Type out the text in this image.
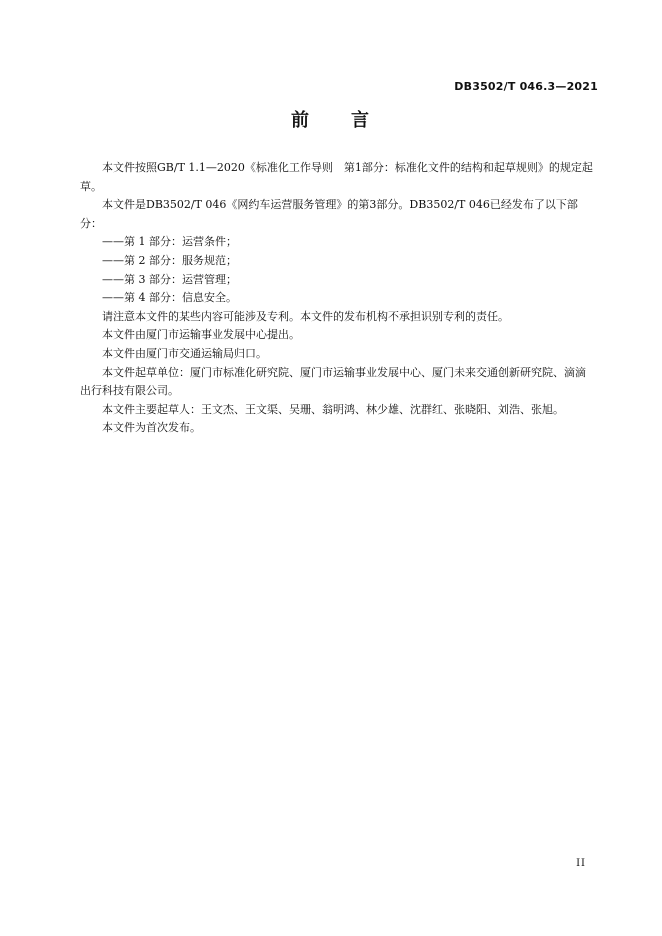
DB3502/T 046.3—2021
前 言

本文件按照GB/T 1.1—2020《标准化工作导则　第1部分：标准化文件的结构和起草规则》的规定起草。

本文件是DB3502/T 046《网约车运营服务管理》的第3部分。DB3502/T 046已经发布了以下部分：

——第 1 部分：运营条件；

——第 2 部分：服务规范；

——第 3 部分：运营管理；

——第 4 部分：信息安全。

请注意本文件的某些内容可能涉及专利。本文件的发布机构不承担识别专利的责任。

本文件由厦门市运输事业发展中心提出。

本文件由厦门市交通运输局归口。

本文件起草单位：厦门市标准化研究院、厦门市运输事业发展中心、厦门未来交通创新研究院、滴滴出行科技有限公司。

本文件主要起草人：王文杰、王文渠、吴珊、翁明鸿、林少雄、沈群红、张晓阳、刘浩、张旭。

本文件为首次发布。

II
